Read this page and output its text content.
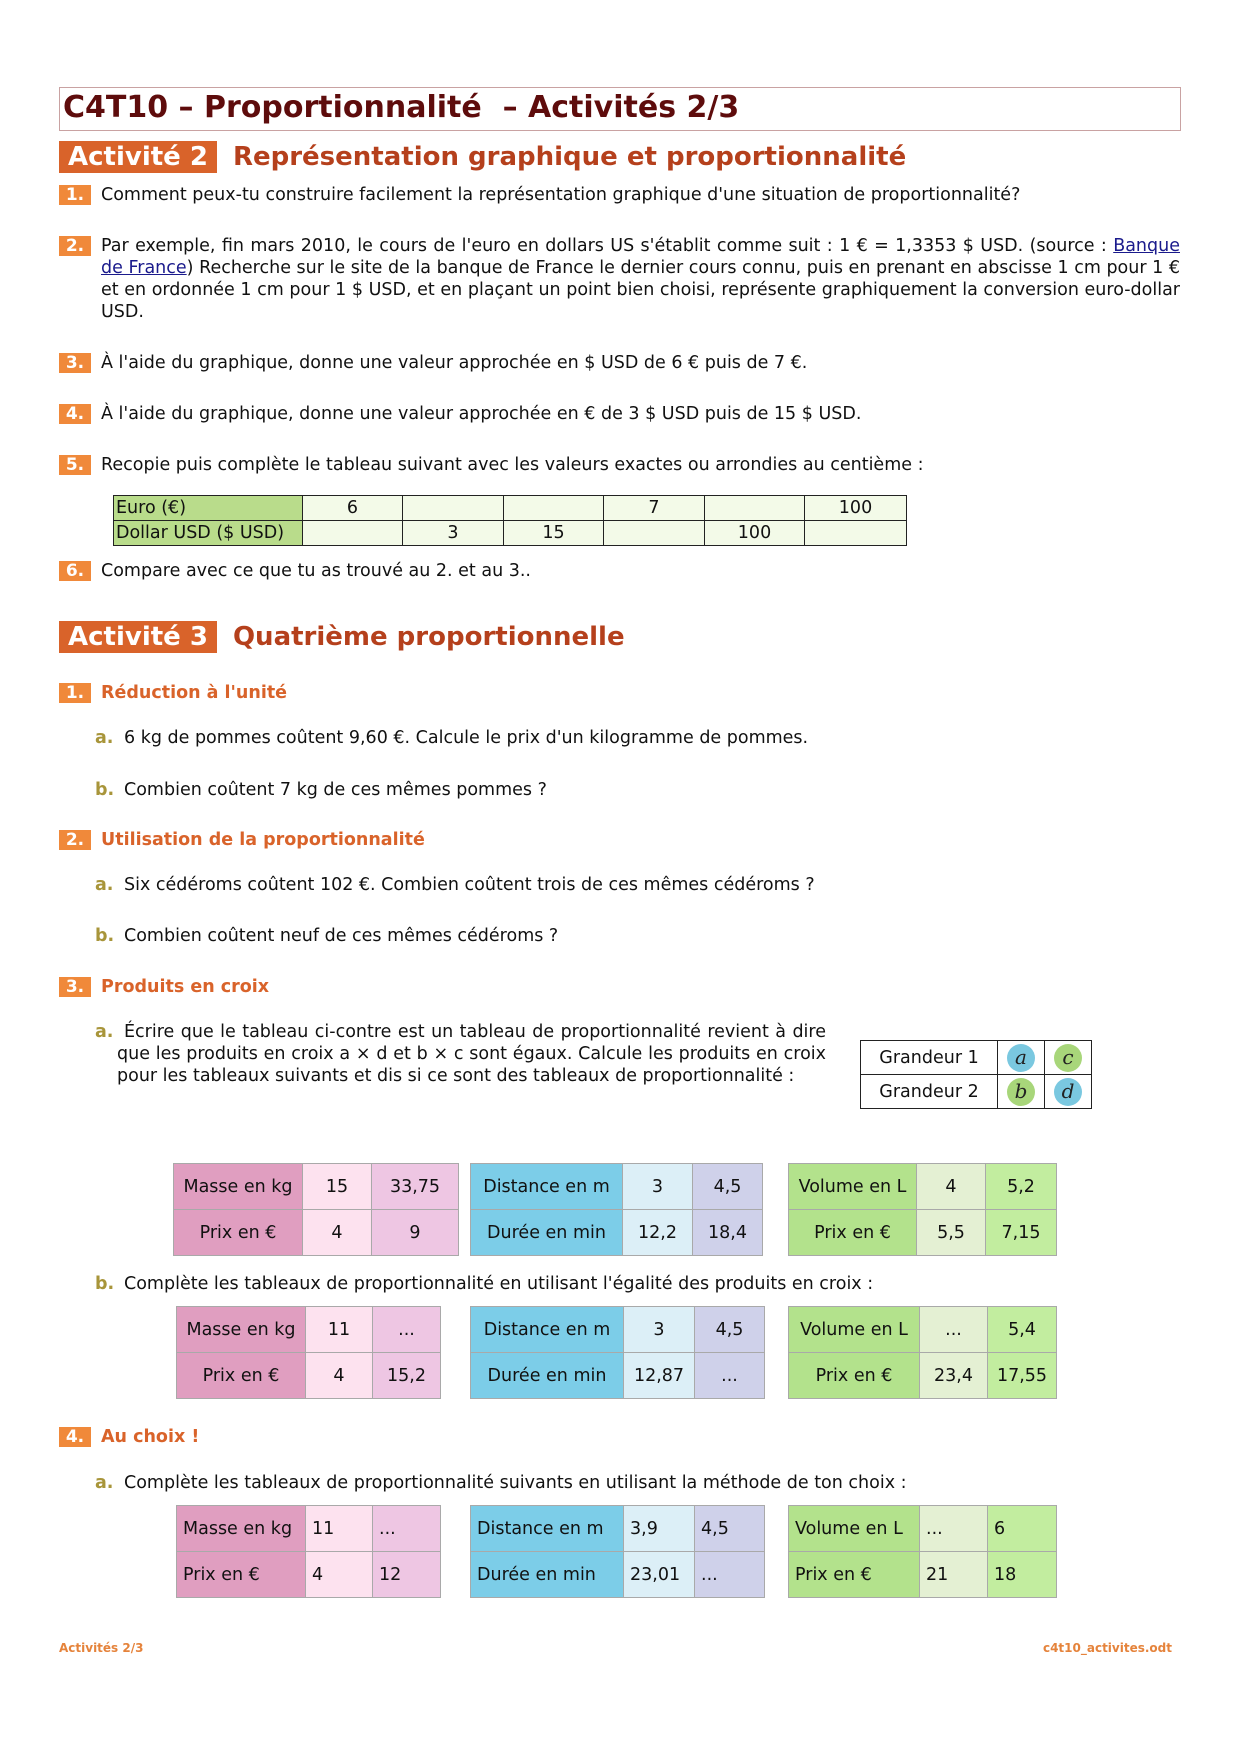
C4T10 – Proportionnalité  – Activités 2/3
Activité 2 Représentation graphique et proportionnalité
1. Comment peux-tu construire facilement la représentation graphique d'une situation de proportionnalité?
2. Par exemple, fin mars 2010, le cours de l'euro en dollars US s'établit comme suit : 1 € = 1,3353 $ USD. (source : Banque de France) Recherche sur le site de la banque de France le dernier cours connu, puis en prenant en abscisse 1 cm pour 1 € et en ordonnée 1 cm pour 1 $ USD, et en plaçant un point bien choisi, représente graphiquement la conversion euro-dollar USD.
3. À l'aide du graphique, donne une valeur approchée en $ USD de 6 € puis de 7 €.
4. À l'aide du graphique, donne une valeur approchée en € de 3 $ USD puis de 15 $ USD.
5. Recopie puis complète le tableau suivant avec les valeurs exactes ou arrondies au centième :
Euro (€)	6			7		100
Dollar USD ($ USD)		3	15		100	
6. Compare avec ce que tu as trouvé au 2. et au 3..
Activité 3 Quatrième proportionnelle
1. Réduction à l'unité
a. 6 kg de pommes coûtent 9,60 €. Calcule le prix d'un kilogramme de pommes.
b. Combien coûtent 7 kg de ces mêmes pommes ?
2. Utilisation de la proportionnalité
a. Six cédéroms coûtent 102 €. Combien coûtent trois de ces mêmes cédéroms ?
b. Combien coûtent neuf de ces mêmes cédéroms ?
3. Produits en croix
a. Écrire que le tableau ci-contre est un tableau de proportionnalité revient à dire que les produits en croix a × d et b × c sont égaux. Calcule les produits en croix pour les tableaux suivants et dis si ce sont des tableaux de proportionnalité :
Grandeur 1	a	c
Grandeur 2	b	d
Masse en kg	15	33,75
Prix en €	4	9
Distance en m	3	4,5
Durée en min	12,2	18,4
Volume en L	4	5,2
Prix en €	5,5	7,15
b. Complète les tableaux de proportionnalité en utilisant l'égalité des produits en croix :
Masse en kg	11	...
Prix en €	4	15,2
Distance en m	3	4,5
Durée en min	12,87	...
Volume en L	...	5,4
Prix en €	23,4	17,55
4. Au choix !
a. Complète les tableaux de proportionnalité suivants en utilisant la méthode de ton choix :
Masse en kg	11	...
Prix en €	4	12
Distance en m	3,9	4,5
Durée en min	23,01	...
Volume en L	...	6
Prix en €	21	18
Activités 2/3	c4t10_activites.odt
